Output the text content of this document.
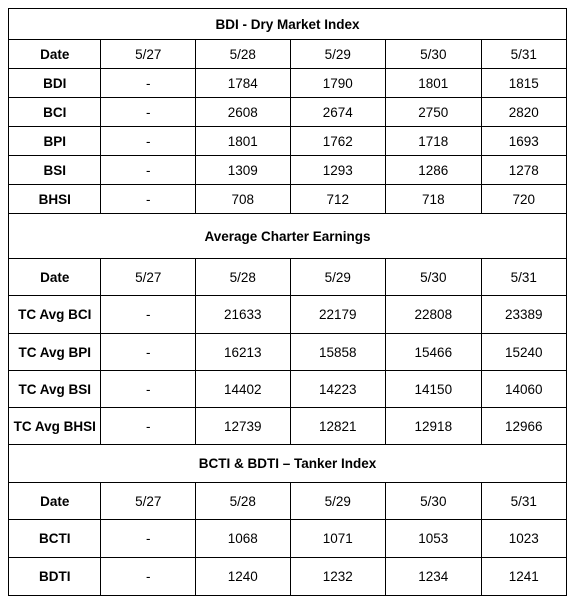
BDI - Dry Market Index					
Date	5/27	5/28	5/29	5/30	5/31
BDI	-	1784	1790	1801	1815
BCI	-	2608	2674	2750	2820
BPI	-	1801	1762	1718	1693
BSI	-	1309	1293	1286	1278
BHSI	-	708	712	718	720
Average Charter Earnings					
Date	5/27	5/28	5/29	5/30	5/31
TC Avg BCI	-	21633	22179	22808	23389
TC Avg BPI	-	16213	15858	15466	15240
TC Avg BSI	-	14402	14223	14150	14060
TC Avg BHSI	-	12739	12821	12918	12966
BCTI & BDTI – Tanker Index					
Date	5/27	5/28	5/29	5/30	5/31
BCTI	-	1068	1071	1053	1023
BDTI	-	1240	1232	1234	1241
